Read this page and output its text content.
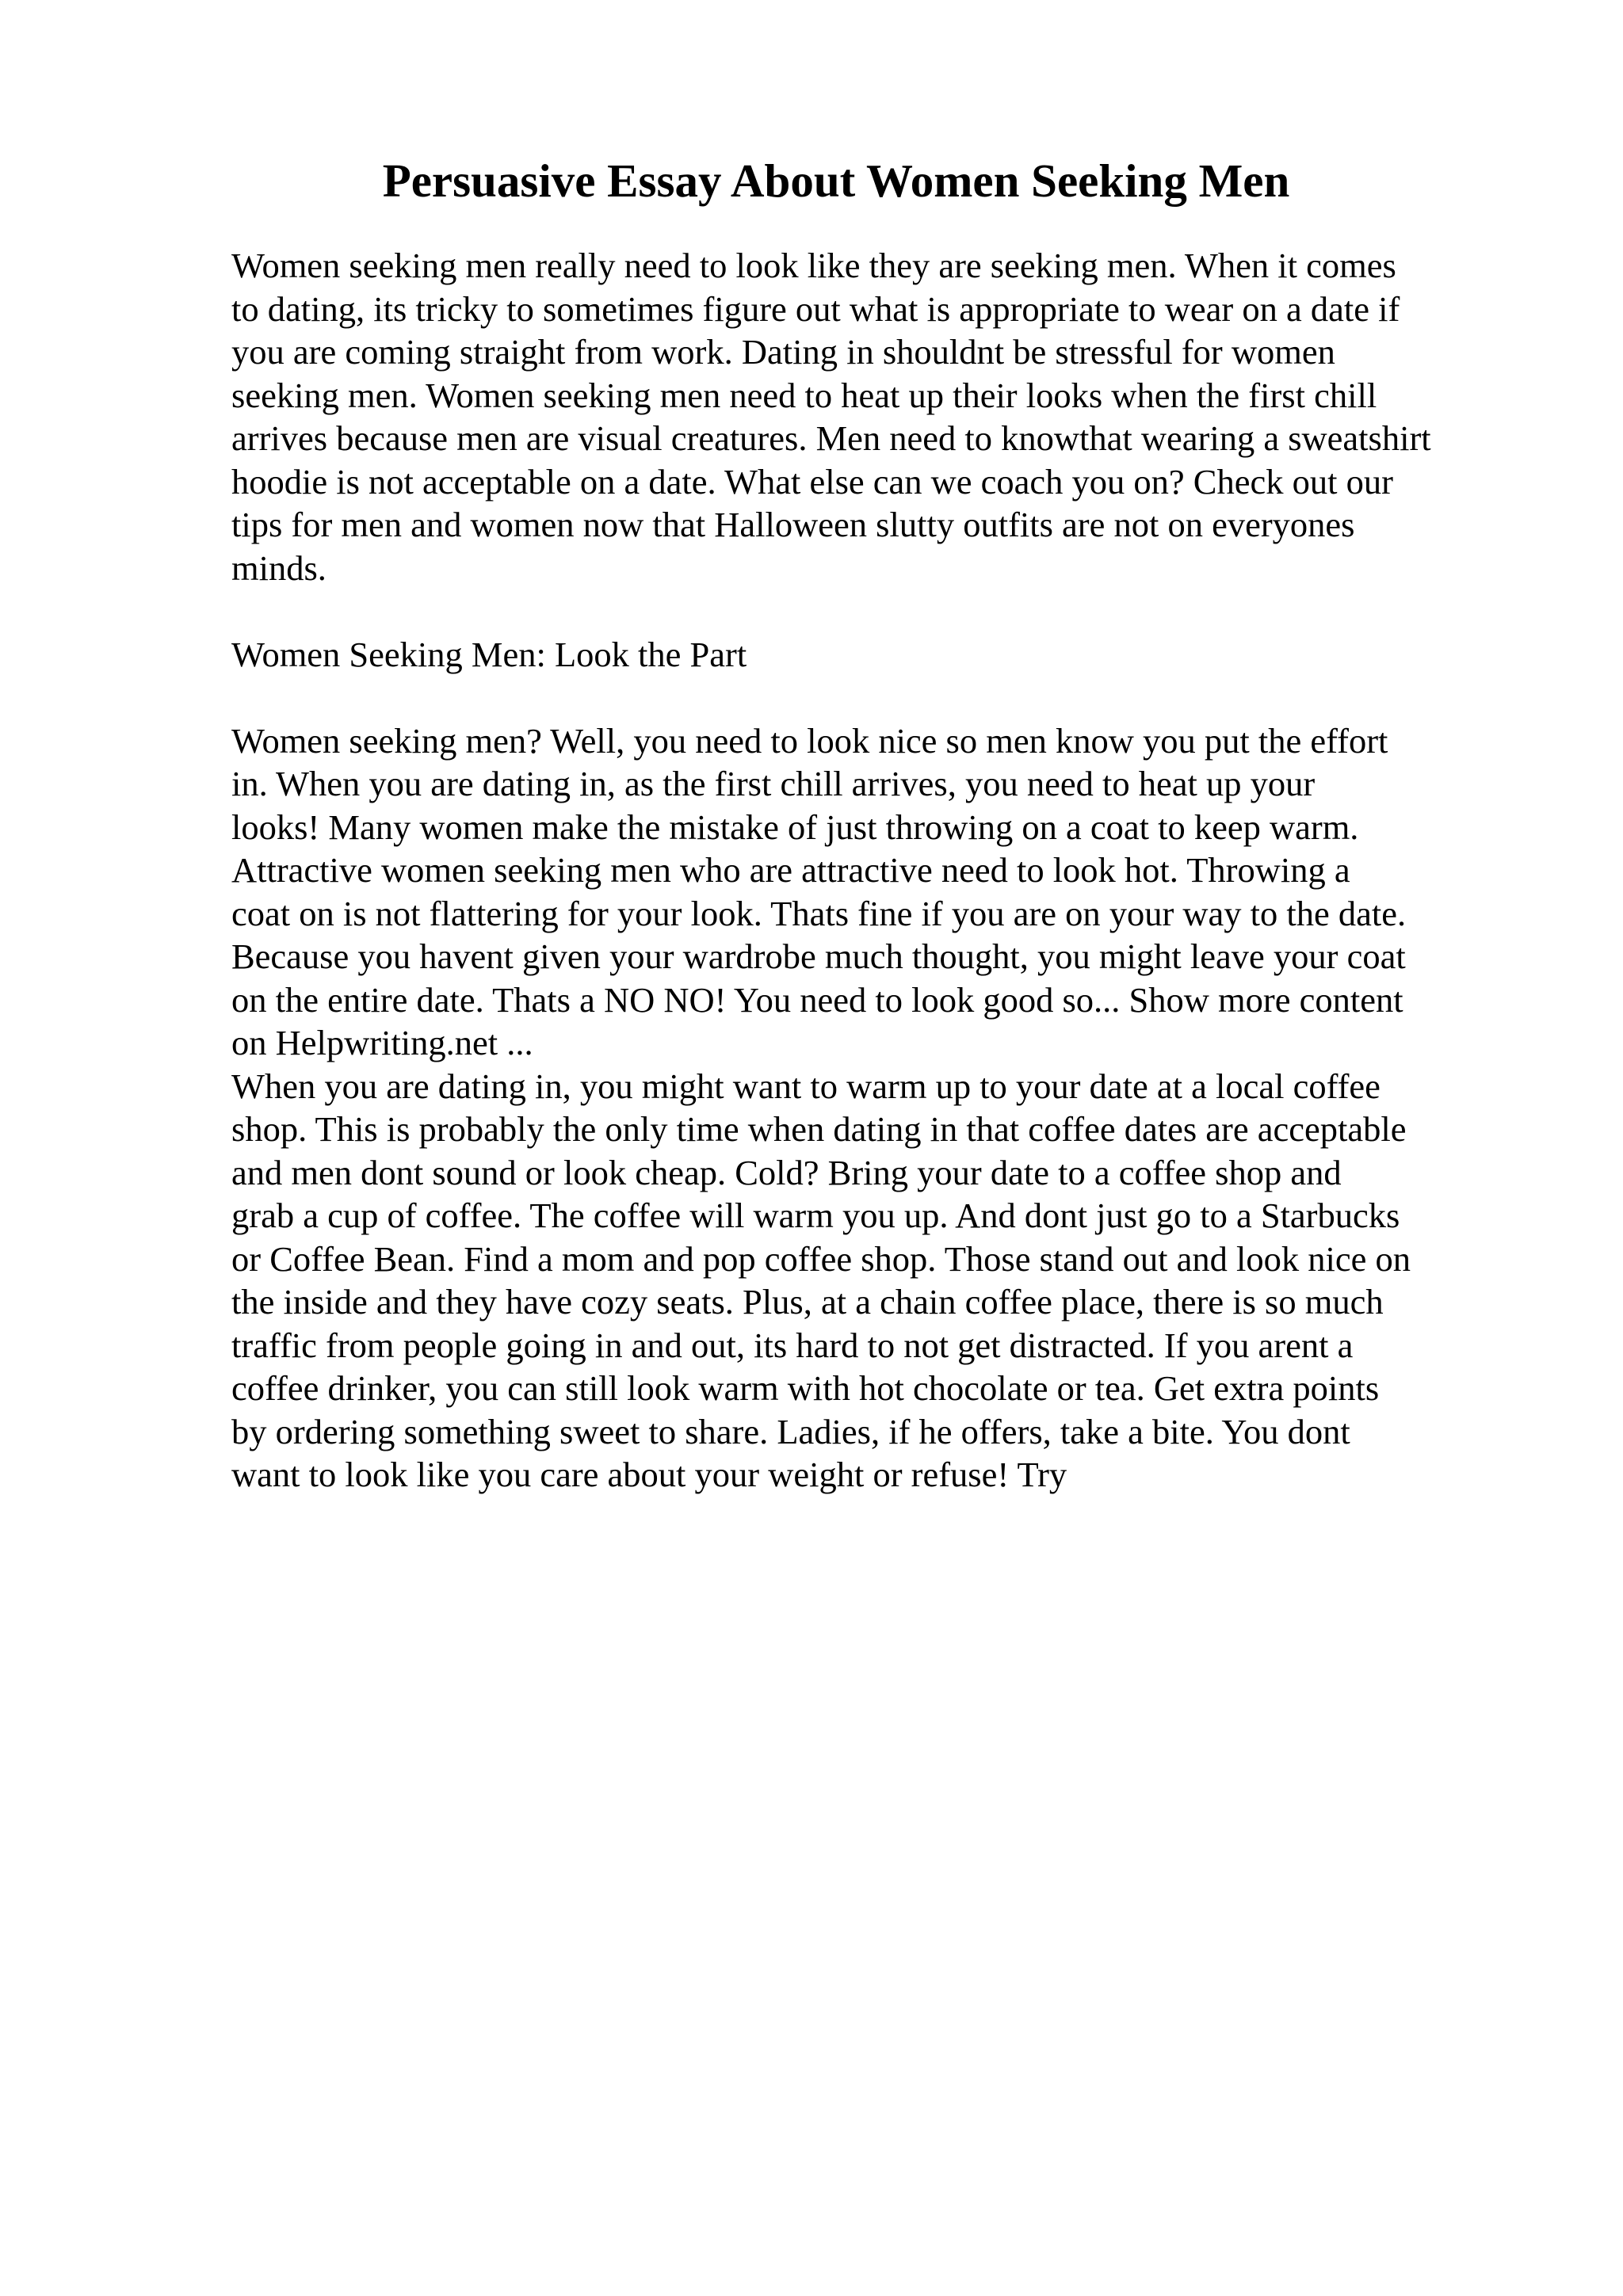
Persuasive Essay About Women Seeking Men
Women seeking men really need to look like they are seeking men. When it comes
to dating, its tricky to sometimes figure out what is appropriate to wear on a date if
you are coming straight from work. Dating in shouldnt be stressful for women
seeking men. Women seeking men need to heat up their looks when the first chill
arrives because men are visual creatures. Men need to knowthat wearing a sweatshirt
hoodie is not acceptable on a date. What else can we coach you on? Check out our
tips for men and women now that Halloween slutty outfits are not on everyones
minds.
Women Seeking Men: Look the Part
Women seeking men? Well, you need to look nice so men know you put the effort
in. When you are dating in, as the first chill arrives, you need to heat up your
looks! Many women make the mistake of just throwing on a coat to keep warm.
Attractive women seeking men who are attractive need to look hot. Throwing a
coat on is not flattering for your look. Thats fine if you are on your way to the date.
Because you havent given your wardrobe much thought, you might leave your coat
on the entire date. Thats a NO NO! You need to look good so... Show more content
on Helpwriting.net ...
When you are dating in, you might want to warm up to your date at a local coffee
shop. This is probably the only time when dating in that coffee dates are acceptable
and men dont sound or look cheap. Cold? Bring your date to a coffee shop and
grab a cup of coffee. The coffee will warm you up. And dont just go to a Starbucks
or Coffee Bean. Find a mom and pop coffee shop. Those stand out and look nice on
the inside and they have cozy seats. Plus, at a chain coffee place, there is so much
traffic from people going in and out, its hard to not get distracted. If you arent a
coffee drinker, you can still look warm with hot chocolate or tea. Get extra points
by ordering something sweet to share. Ladies, if he offers, take a bite. You dont
want to look like you care about your weight or refuse! Try
